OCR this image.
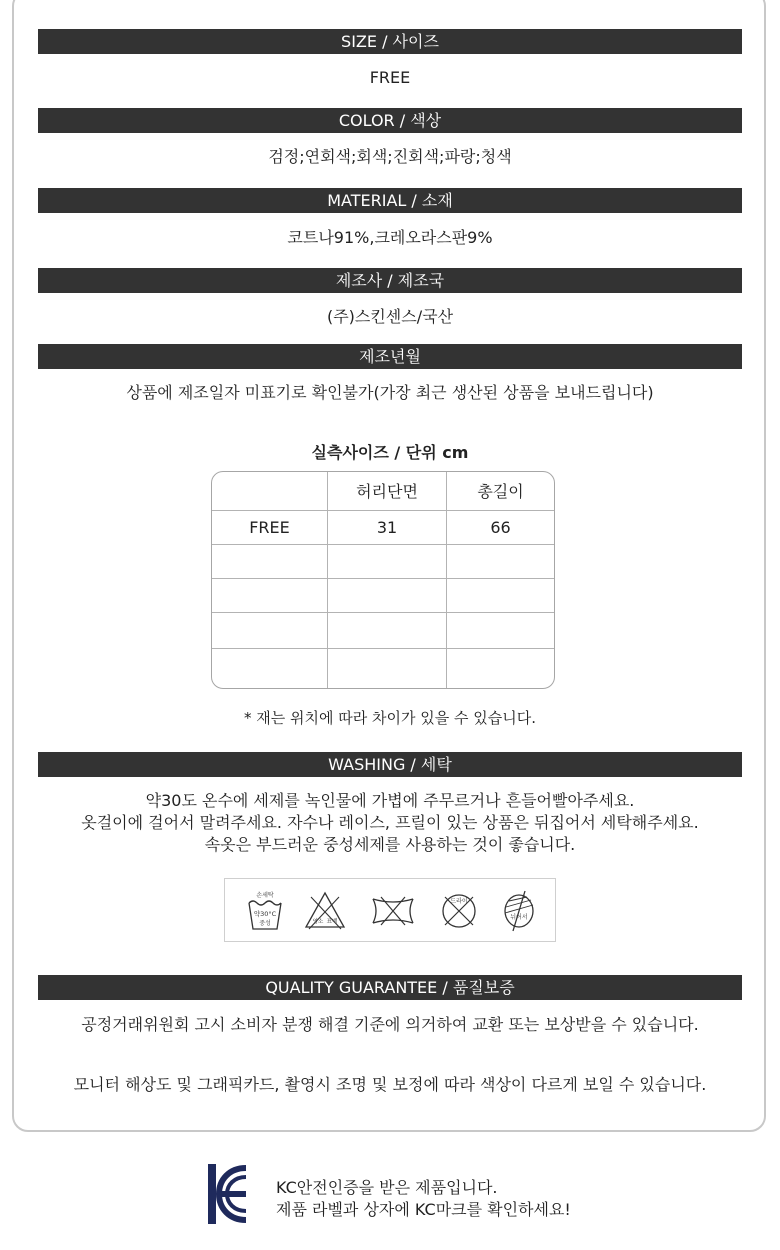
SIZE / 사이즈
FREE
COLOR / 색상
검정;연회색;회색;진회색;파랑;청색
MATERIAL / 소재
코트나91%,크레오라스판9%
제조사 / 제조국
(주)스킨센스/국산
제조년월
상품에 제조일자 미표기로 확인불가(가장 최근 생산된 상품을 보내드립니다)
실측사이즈 / 단위 cm
	허리단면	총길이
FREE	31	66

* 재는 위치에 따라 차이가 있을 수 있습니다.
WASHING / 세탁
약30도 온수에 세제를 녹인물에 가볍에 주무르거나 흔들어빨아주세요.
옷걸이에 걸어서 말려주세요. 자수나 레이스, 프릴이 있는 상품은 뒤집어서 세탁해주세요.
속옷은 부드러운 중성세제를 사용하는 것이 좋습니다.
손세탁
약30°C
중성	염소 표백
드라이
뉘어서
QUALITY GUARANTEE / 품질보증
공정거래위원회 고시 소비자 분쟁 해결 기준에 의거하여 교환 또는 보상받을 수 있습니다.
모니터 해상도 및 그래픽카드, 촬영시 조명 및 보정에 따라 색상이 다르게 보일 수 있습니다.
KC안전인증을 받은 제품입니다.
제품 라벨과 상자에 KC마크를 확인하세요!
